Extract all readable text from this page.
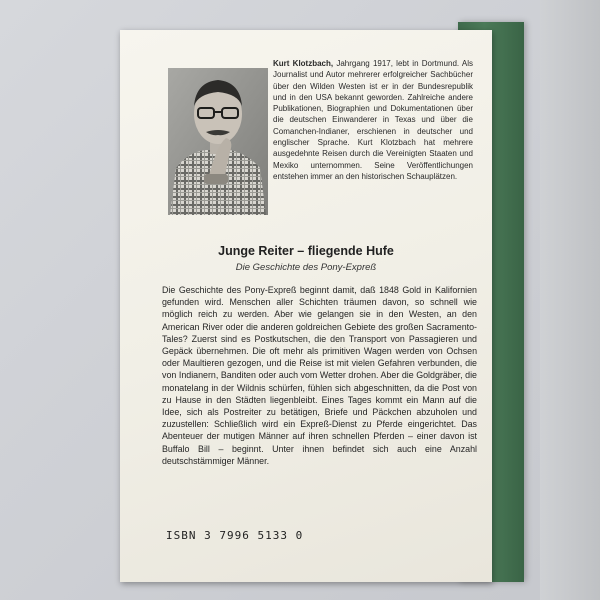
Kurt Klotzbach, Jahrgang 1917, lebt in Dortmund. Als Journalist und Autor mehrerer erfolgreicher Sachbücher über den Wilden Westen ist er in der Bundesrepublik und in den USA bekannt geworden. Zahlreiche andere Publikationen, Biographien und Dokumentationen über die deutschen Einwanderer in Texas und über die Comanchen-Indianer, erschienen in deutscher und englischer Sprache. Kurt Klotzbach hat mehrere ausgedehnte Reisen durch die Vereinigten Staaten und Mexiko unternommen. Seine Veröffentlichungen entstehen immer an den historischen Schauplätzen.

Junge Reiter – fliegende Hufe

Die Geschichte des Pony-Expreß

Die Geschichte des Pony-Expreß beginnt damit, daß 1848 Gold in Kalifornien gefunden wird. Menschen aller Schichten träumen davon, so schnell wie möglich reich zu werden. Aber wie gelangen sie in den Westen, an den American River oder die anderen goldreichen Gebiete des großen Sacramento-Tales? Zuerst sind es Postkutschen, die den Transport von Passagieren und Gepäck übernehmen. Die oft mehr als primitiven Wagen werden von Ochsen oder Maultieren gezogen, und die Reise ist mit vielen Gefahren verbunden, die von Indianern, Banditen oder auch vom Wetter drohen. Aber die Goldgräber, die monatelang in der Wildnis schürfen, fühlen sich abgeschnitten, da die Post von zu Hause in den Städten liegenbleibt. Eines Tages kommt ein Mann auf die Idee, sich als Postreiter zu betätigen, Briefe und Päckchen abzuholen und zuzustellen: Schließlich wird ein Expreß-Dienst zu Pferde eingerichtet. Das Abenteuer der mutigen Männer auf ihren schnellen Pferden – einer davon ist Buffalo Bill – beginnt. Unter ihnen befindet sich auch eine Anzahl deutschstämmiger Männer.

ISBN 3 7996 5133 0
